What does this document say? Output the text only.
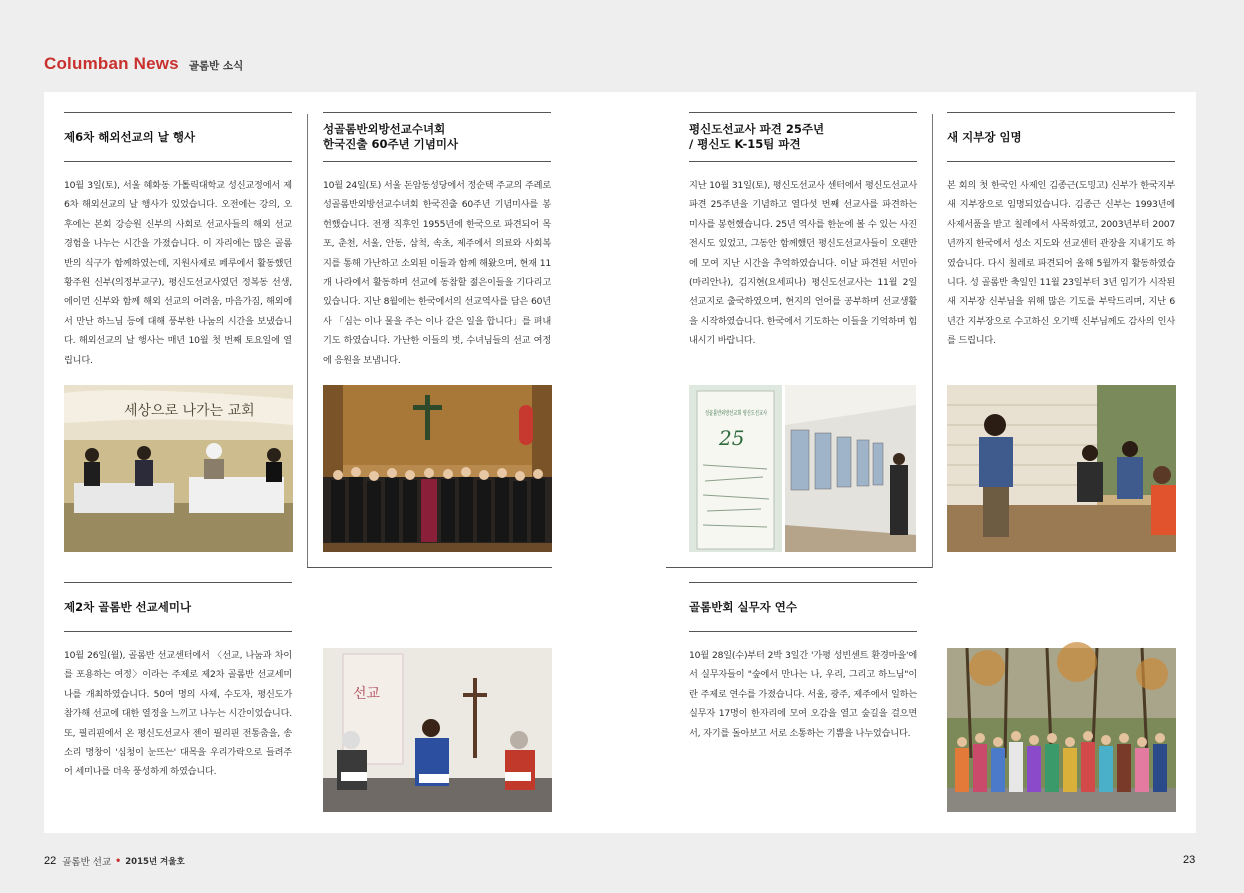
Columban News 골롬반 소식
제6차 해외선교의 날 행사
10월 3일(토), 서울 혜화동 가톨릭대학교 성신교정에서 제6차 해외선교의 날 행사가 있었습니다. 오전에는 강의, 오후에는 본회 강승원 신부의 사회로 선교사들의 해외 선교 경험을 나누는 시간을 가졌습니다. 이 자리에는 많은 골롬반의 식구가 함께하였는데, 지원사제로 페루에서 활동했던 황주원 신부(의정부교구), 평신도선교사였던 정복동 선생, 에이먼 신부와 함께 해외 선교의 어려움, 마음가짐, 해외에서 만난 하느님 등에 대해 풍부한 나눔의 시간을 보냈습니다. 해외선교의 날 행사는 매년 10월 첫 번째 토요일에 열립니다.
성골롬반외방선교수녀회
한국진출 60주년 기념미사
10월 24일(토) 서울 돈암동성당에서 정순택 주교의 주례로 성골롬반외방선교수녀회 한국진출 60주년 기념미사를 봉헌했습니다. 전쟁 직후인 1955년에 한국으로 파견되어 목포, 춘천, 서울, 안동, 삼척, 속초, 제주에서 의료와 사회복지를 통해 가난하고 소외된 이들과 함께 해왔으며, 현재 11개 나라에서 활동하며 선교에 동참할 젊은이들을 기다리고 있습니다. 지난 8월에는 한국에서의 선교역사를 담은 60년사 「심는 이나 물을 주는 이나 같은 일을 합니다」를 펴내기도 하였습니다. 가난한 이들의 벗, 수녀님들의 선교 여정에 응원을 보냅니다.
세상으로 나가는 교회
제2차 골롬반 선교세미나
10월 26일(월), 골롬반 선교센터에서 〈선교, 나눔과 차이를 포용하는 여정〉이라는 주제로 제2차 골롬반 선교세미나를 개최하였습니다. 50여 명의 사제, 수도자, 평신도가 참가해 선교에 대한 열정을 느끼고 나누는 시간이었습니다. 또, 필리핀에서 온 평신도선교사 젠이 필리핀 전통춤을, 송소리 명창이 '심청이 눈뜨는' 대목을 우리가락으로 들려주어 세미나를 더욱 풍성하게 하였습니다.
선교
평신도선교사 파견 25주년
/ 평신도 K-15팀 파견
지난 10월 31일(토), 평신도선교사 센터에서 평신도선교사 파견 25주년을 기념하고 열다섯 번째 선교사를 파견하는 미사를 봉헌했습니다. 25년 역사를 한눈에 볼 수 있는 사진 전시도 있었고, 그동안 함께했던 평신도선교사들이 오랜만에 모여 지난 시간을 추억하였습니다. 이날 파견된 서민아(마리안나), 김지현(요세피나) 평신도선교사는 11월 2일 선교지로 출국하였으며, 현지의 언어를 공부하며 선교생활을 시작하였습니다. 한국에서 기도하는 이들을 기억하며 힘내시기 바랍니다.
새 지부장 임명
본 회의 첫 한국인 사제인 김종근(도밍고) 신부가 한국지부 새 지부장으로 임명되었습니다. 김종근 신부는 1993년에 사제서품을 받고 칠레에서 사목하였고, 2003년부터 2007년까지 한국에서 성소 지도와 선교센터 관장을 지내기도 하였습니다. 다시 칠레로 파견되어 올해 5월까지 활동하였습니다. 성 골롬반 축일인 11월 23일부터 3년 임기가 시작된 새 지부장 신부님을 위해 많은 기도를 부탁드리며, 지난 6년간 지부장으로 수고하신 오기백 신부님께도 감사의 인사를 드립니다.
성골롬반외방선교회 평신도선교사
25
골롬반회 실무자 연수
10월 28일(수)부터 2박 3일간 '가평 성빈센트 환경마을'에서 실무자들이 "숲에서 만나는 나, 우리, 그리고 하느님"이란 주제로 연수를 가졌습니다. 서울, 광주, 제주에서 일하는 실무자 17명이 한자리에 모여 오감을 열고 숲길을 걸으면서, 자기를 돌아보고 서로 소통하는 기쁨을 나누었습니다.
22 골롬반 선교 • 2015년 겨울호	23
